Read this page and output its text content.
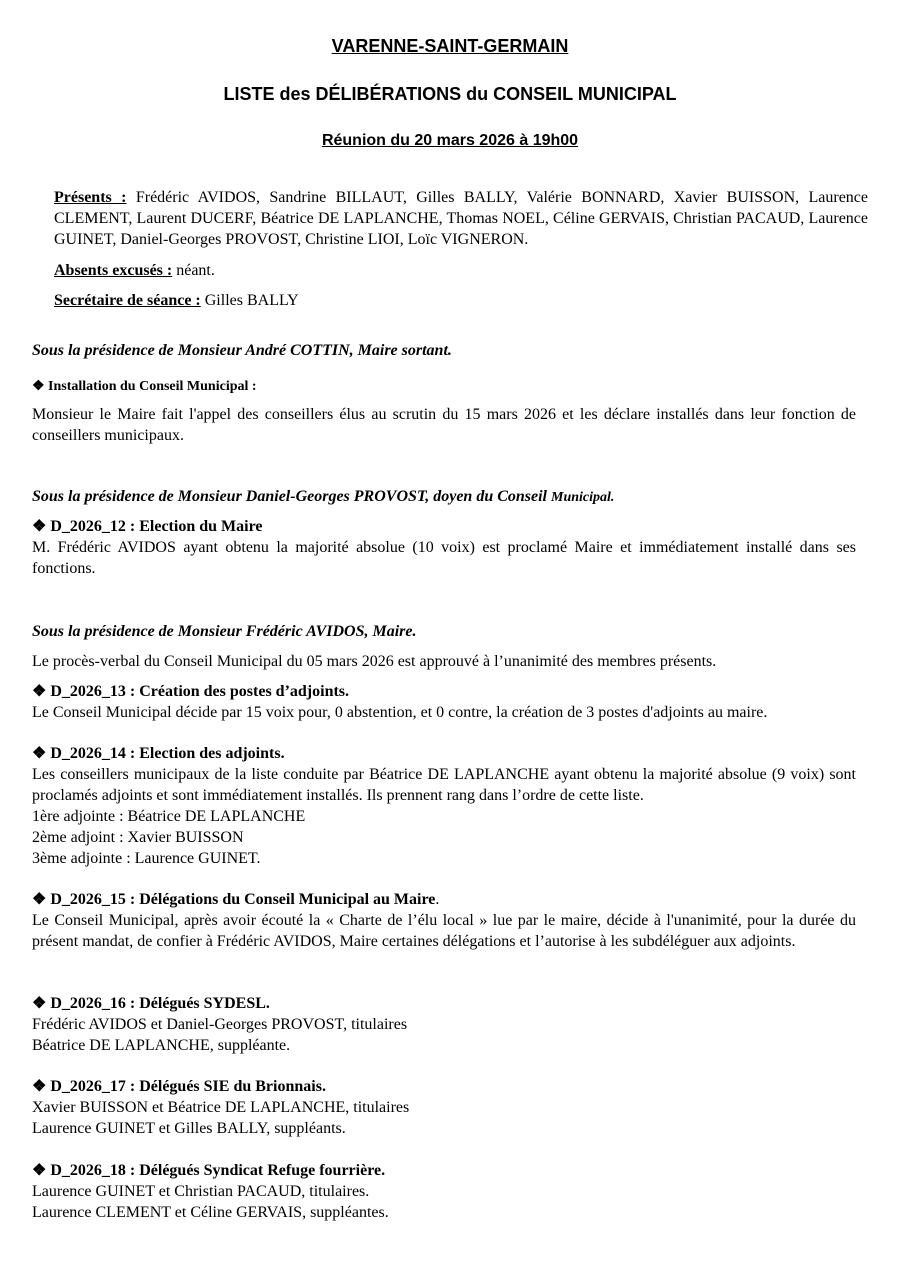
VARENNE-SAINT-GERMAIN
LISTE des DÉLIBÉRATIONS du CONSEIL MUNICIPAL
Réunion du 20 mars 2026 à 19h00

Présents : Frédéric AVIDOS, Sandrine BILLAUT, Gilles BALLY, Valérie BONNARD, Xavier BUISSON, Laurence CLEMENT, Laurent DUCERF, Béatrice DE LAPLANCHE, Thomas NOEL, Céline GERVAIS, Christian PACAUD, Laurence GUINET, Daniel-Georges PROVOST, Christine LIOI, Loïc VIGNERON.

Absents excusés : néant.

Secrétaire de séance : Gilles BALLY

Sous la présidence de Monsieur André COTTIN, Maire sortant.

❖ Installation du Conseil Municipal :

Monsieur le Maire fait l'appel des conseillers élus au scrutin du 15 mars 2026 et les déclare installés dans leur fonction de conseillers municipaux.

Sous la présidence de Monsieur Daniel-Georges PROVOST, doyen du Conseil Municipal.

❖ D_2026_12 : Election du Maire
M. Frédéric AVIDOS ayant obtenu la majorité absolue (10 voix) est proclamé Maire et immédiatement installé dans ses fonctions.

Sous la présidence de Monsieur Frédéric AVIDOS, Maire.

Le procès-verbal du Conseil Municipal du 05 mars 2026 est approuvé à l’unanimité des membres présents.

❖ D_2026_13 : Création des postes d’adjoints.
Le Conseil Municipal décide par 15 voix pour, 0 abstention, et 0 contre, la création de 3 postes d'adjoints au maire.
❖ D_2026_14 : Election des adjoints.
Les conseillers municipaux de la liste conduite par Béatrice DE LAPLANCHE ayant obtenu la majorité absolue (9 voix) sont proclamés adjoints et sont immédiatement installés. Ils prennent rang dans l’ordre de cette liste.
1ère adjointe : Béatrice DE LAPLANCHE
2ème adjoint : Xavier BUISSON
3ème adjointe : Laurence GUINET.
❖ D_2026_15 : Délégations du Conseil Municipal au Maire.
Le Conseil Municipal, après avoir écouté la « Charte de l’élu local » lue par le maire, décide à l'unanimité, pour la durée du présent mandat, de confier à Frédéric AVIDOS, Maire certaines délégations et l’autorise à les subdéléguer aux adjoints.
❖ D_2026_16 : Délégués SYDESL.
Frédéric AVIDOS et Daniel-Georges PROVOST, titulaires
Béatrice DE LAPLANCHE, suppléante.
❖ D_2026_17 : Délégués SIE du Brionnais.
Xavier BUISSON et Béatrice DE LAPLANCHE, titulaires
Laurence GUINET et Gilles BALLY, suppléants.
❖ D_2026_18 : Délégués Syndicat Refuge fourrière.
Laurence GUINET et Christian PACAUD, titulaires.
Laurence CLEMENT et Céline GERVAIS, suppléantes.
